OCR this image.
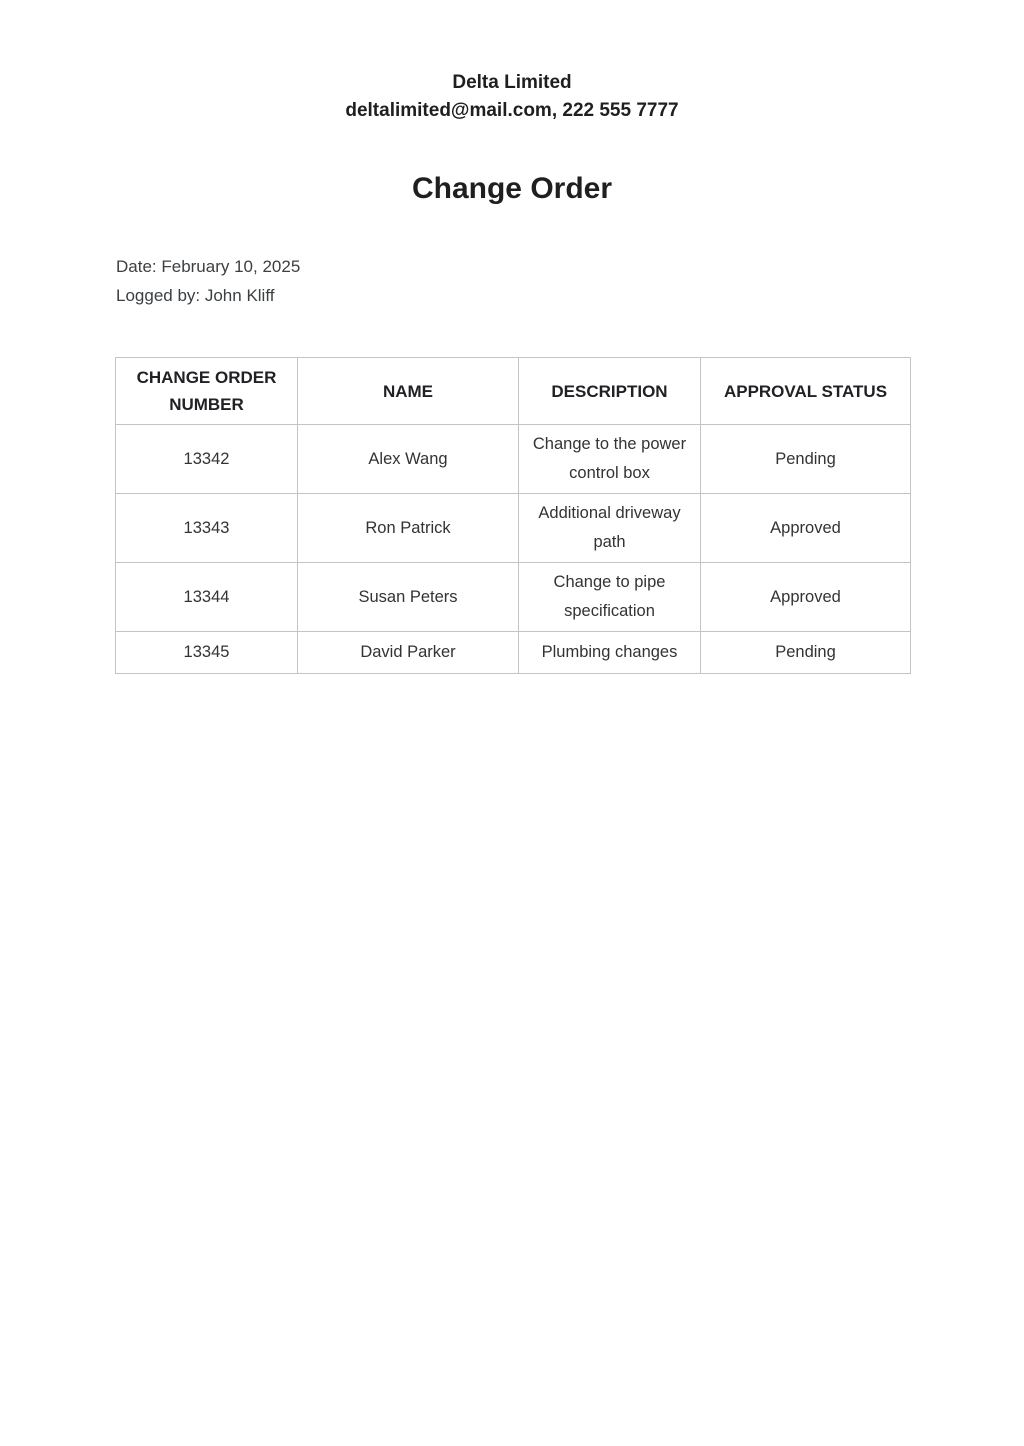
Delta Limited
deltalimited@mail.com, 222 555 7777
Change Order
Date: February 10, 2025
Logged by: John Kliff
CHANGE ORDER NUMBER	NAME	DESCRIPTION	APPROVAL STATUS
13342	Alex Wang	Change to the power control box	Pending
13343	Ron Patrick	Additional driveway path	Approved
13344	Susan Peters	Change to pipe specification	Approved
13345	David Parker	Plumbing changes	Pending
